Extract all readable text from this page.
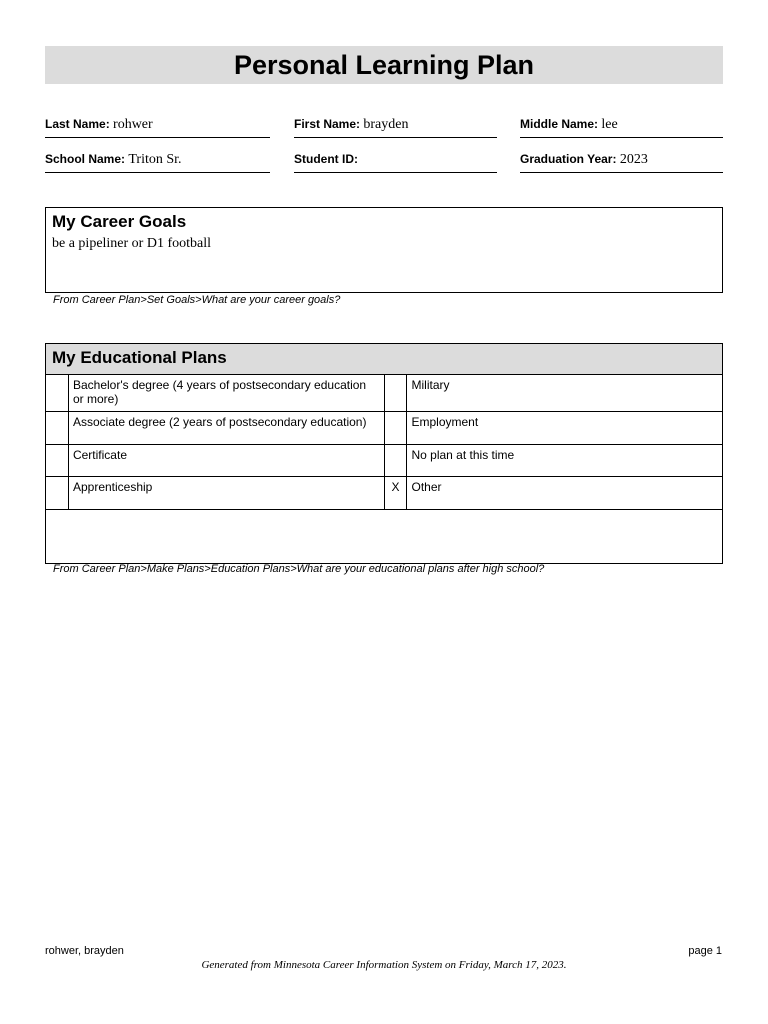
Personal Learning Plan
Last Name: rohwer	First Name: brayden	Middle Name: lee
School Name: Triton Sr.	Student ID:	Graduation Year: 2023
My Career Goals
be a pipeliner or D1 football
From Career Plan>Set Goals>What are your career goals?
My Educational Plans
	Bachelor's degree (4 years of postsecondary education or more)		Military
	Associate degree (2 years of postsecondary education)		Employment
	Certificate		No plan at this time
	Apprenticeship	X	Other

From Career Plan>Make Plans>Education Plans>What are your educational plans after high school?
rohwer, brayden	page 1
Generated from Minnesota Career Information System on Friday, March 17, 2023.
